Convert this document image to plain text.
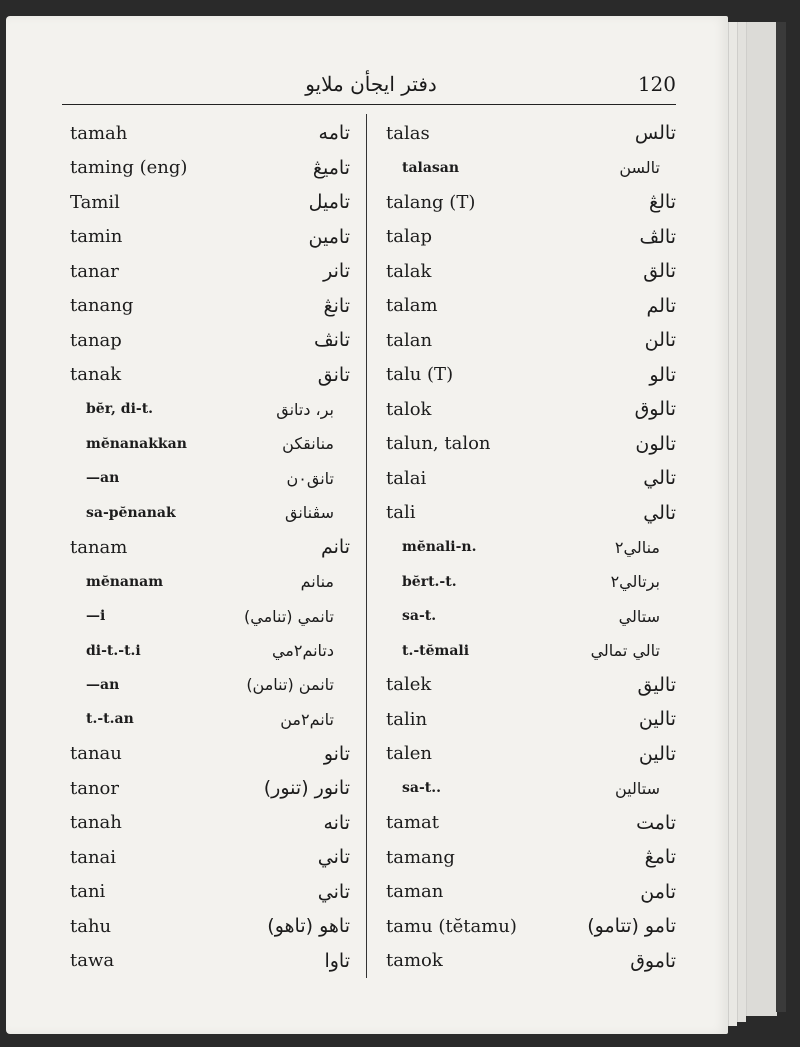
دفتر ايجأن ملايو	120
tamah	تامه
taming (eng)	تاميڠ
Tamil	تاميل
tamin	تامين
tanar	تانر
tanang	تانڠ
tanap	تانڤ
tanak	تانق
bĕr, di-t.	بر، دتانق
mĕnanakkan	منانقكن
—an	تانق٠ن
sa-pĕnanak	سڤنانق
tanam	تانم
mĕnanam	منانم
—i	تانمي (تنامي)
di-t.-t.i	دتانم٢مي
—an	تانمن (تنامن)
t.-t.an	تانم٢من
tanau	تانو
tanor	تانور (تنور)
tanah	تانه
tanai	تاني
tani	تاني
tahu	تاهو (تاهو)
tawa	تاوا
talas	تالس
talasan	تالسن
talang (T)	تالڠ
talap	تالڤ
talak	تالق
talam	تالم
talan	تالن
talu (T)	تالو
talok	تالوق
talun, talon	تالون
talai	تالي
tali	تالي
mĕnali-n.	منالي٢
bĕrt.-t.	برتالي٢
sa-t.	ستالي
t.-tĕmali	تالي تمالي
talek	تاليق
talin	تالين
talen	تالين
sa-t..	ستالين
tamat	تامت
tamang	تامڠ
taman	تامن
tamu (tĕtamu)	تامو (تتامو)
tamok	تاموق
